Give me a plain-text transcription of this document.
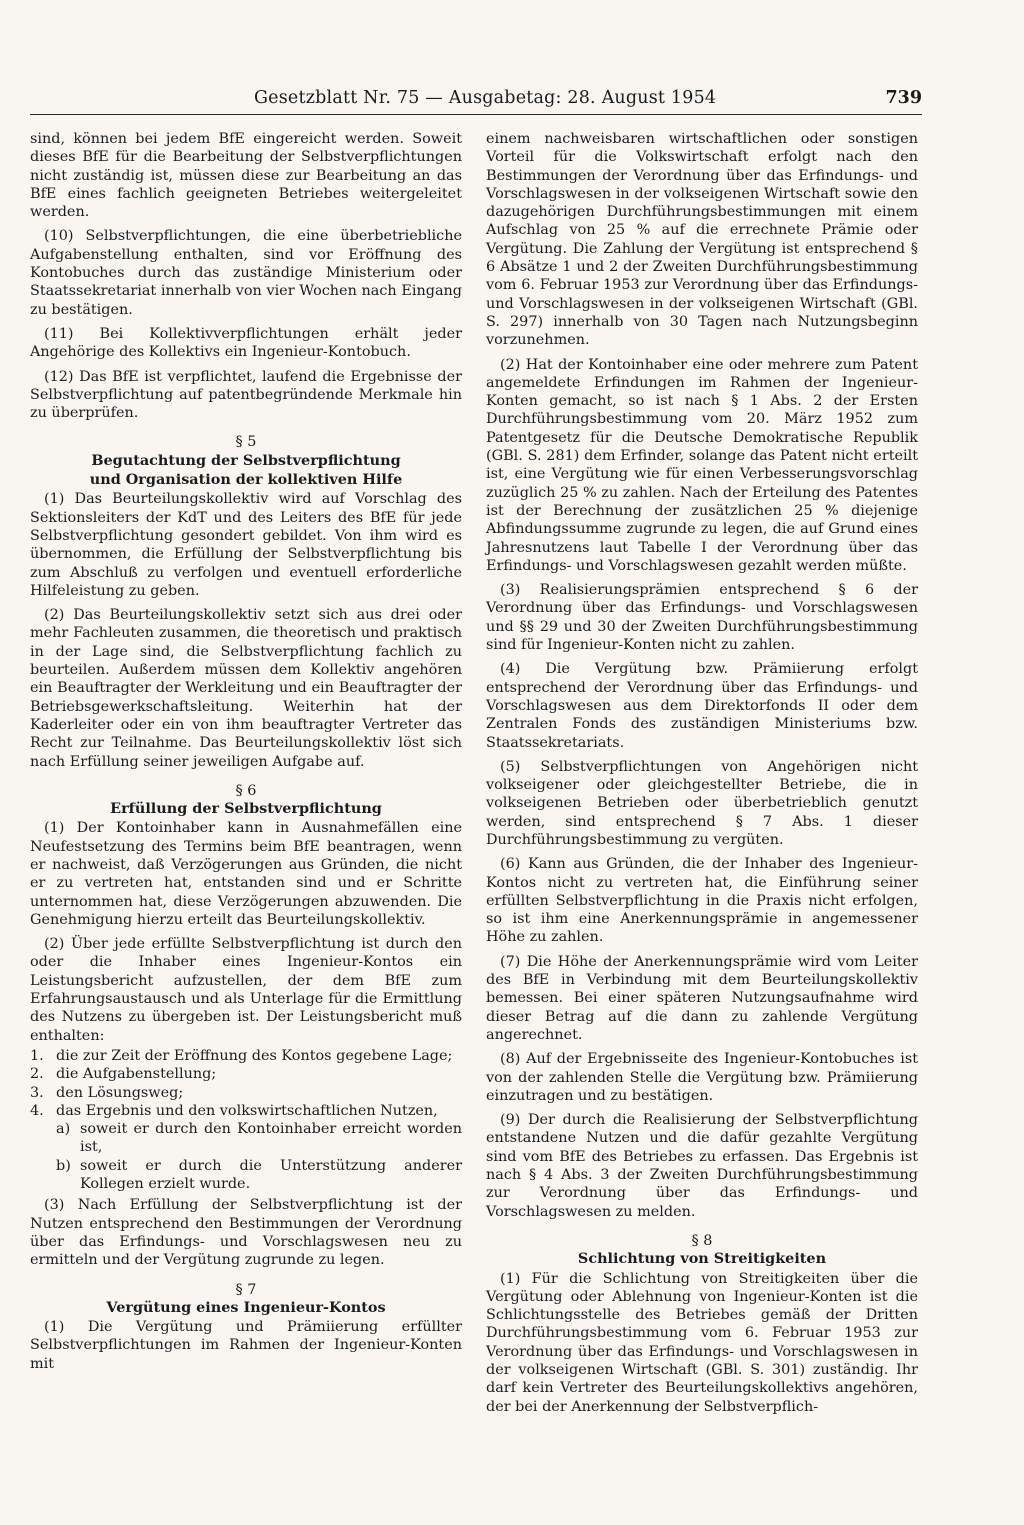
Gesetzblatt Nr. 75 — Ausgabetag: 28. August 1954	739

sind, können bei jedem BfE eingereicht werden. Soweit dieses BfE für die Bearbeitung der Selbstverpflichtungen nicht zuständig ist, müssen diese zur Bearbeitung an das BfE eines fachlich geeigneten Betriebes weitergeleitet werden.

(10) Selbstverpflichtungen, die eine überbetriebliche Aufgabenstellung enthalten, sind vor Eröffnung des Kontobuches durch das zuständige Ministerium oder Staatssekretariat innerhalb von vier Wochen nach Eingang zu bestätigen.

(11) Bei Kollektivverpflichtungen erhält jeder Angehörige des Kollektivs ein Ingenieur-Kontobuch.

(12) Das BfE ist verpflichtet, laufend die Ergebnisse der Selbstverpflichtung auf patentbegründende Merkmale hin zu überprüfen.

§ 5
Begutachtung der Selbstverpflichtung
und Organisation der kollektiven Hilfe

(1) Das Beurteilungskollektiv wird auf Vorschlag des Sektionsleiters der KdT und des Leiters des BfE für jede Selbstverpflichtung gesondert gebildet. Von ihm wird es übernommen, die Erfüllung der Selbstverpflichtung bis zum Abschluß zu verfolgen und eventuell erforderliche Hilfeleistung zu geben.

(2) Das Beurteilungskollektiv setzt sich aus drei oder mehr Fachleuten zusammen, die theoretisch und praktisch in der Lage sind, die Selbstverpflichtung fachlich zu beurteilen. Außerdem müssen dem Kollektiv angehören ein Beauftragter der Werkleitung und ein Beauftragter der Betriebsgewerkschaftsleitung. Weiterhin hat der Kaderleiter oder ein von ihm beauftragter Vertreter das Recht zur Teilnahme. Das Beurteilungskollektiv löst sich nach Erfüllung seiner jeweiligen Aufgabe auf.

§ 6
Erfüllung der Selbstverpflichtung

(1) Der Kontoinhaber kann in Ausnahmefällen eine Neufestsetzung des Termins beim BfE beantragen, wenn er nachweist, daß Verzögerungen aus Gründen, die nicht er zu vertreten hat, entstanden sind und er Schritte unternommen hat, diese Verzögerungen abzuwenden. Die Genehmigung hierzu erteilt das Beurteilungskollektiv.

(2) Über jede erfüllte Selbstverpflichtung ist durch den oder die Inhaber eines Ingenieur-Kontos ein Leistungsbericht aufzustellen, der dem BfE zum Erfahrungsaustausch und als Unterlage für die Ermittlung des Nutzens zu übergeben ist. Der Leistungsbericht muß enthalten:

1. die zur Zeit der Eröffnung des Kontos gegebene Lage;
2. die Aufgabenstellung;
3. den Lösungsweg;
4. das Ergebnis und den volkswirtschaftlichen Nutzen,
a) soweit er durch den Kontoinhaber erreicht worden ist,
b) soweit er durch die Unterstützung anderer Kollegen erzielt wurde.

(3) Nach Erfüllung der Selbstverpflichtung ist der Nutzen entsprechend den Bestimmungen der Verordnung über das Erfindungs- und Vorschlagswesen neu zu ermitteln und der Vergütung zugrunde zu legen.

§ 7
Vergütung eines Ingenieur-Kontos

(1) Die Vergütung und Prämiierung erfüllter Selbstverpflichtungen im Rahmen der Ingenieur-Konten mit

einem nachweisbaren wirtschaftlichen oder sonstigen Vorteil für die Volkswirtschaft erfolgt nach den Bestimmungen der Verordnung über das Erfindungs- und Vorschlagswesen in der volkseigenen Wirtschaft sowie den dazugehörigen Durchführungsbestimmungen mit einem Aufschlag von 25 % auf die errechnete Prämie oder Vergütung. Die Zahlung der Vergütung ist entsprechend § 6 Absätze 1 und 2 der Zweiten Durchführungsbestimmung vom 6. Februar 1953 zur Verordnung über das Erfindungs- und Vorschlagswesen in der volkseigenen Wirtschaft (GBl. S. 297) innerhalb von 30 Tagen nach Nutzungsbeginn vorzunehmen.

(2) Hat der Kontoinhaber eine oder mehrere zum Patent angemeldete Erfindungen im Rahmen der Ingenieur-Konten gemacht, so ist nach § 1 Abs. 2 der Ersten Durchführungsbestimmung vom 20. März 1952 zum Patentgesetz für die Deutsche Demokratische Republik (GBl. S. 281) dem Erfinder, solange das Patent nicht erteilt ist, eine Vergütung wie für einen Verbesserungsvorschlag zuzüglich 25 % zu zahlen. Nach der Erteilung des Patentes ist der Berechnung der zusätzlichen 25 % diejenige Abfindungssumme zugrunde zu legen, die auf Grund eines Jahresnutzens laut Tabelle I der Verordnung über das Erfindungs- und Vorschlagswesen gezahlt werden müßte.

(3) Realisierungsprämien entsprechend § 6 der Verordnung über das Erfindungs- und Vorschlagswesen und §§ 29 und 30 der Zweiten Durchführungsbestimmung sind für Ingenieur-Konten nicht zu zahlen.

(4) Die Vergütung bzw. Prämiierung erfolgt entsprechend der Verordnung über das Erfindungs- und Vorschlagswesen aus dem Direktorfonds II oder dem Zentralen Fonds des zuständigen Ministeriums bzw. Staatssekretariats.

(5) Selbstverpflichtungen von Angehörigen nicht volkseigener oder gleichgestellter Betriebe, die in volkseigenen Betrieben oder überbetrieblich genutzt werden, sind entsprechend § 7 Abs. 1 dieser Durchführungsbestimmung zu vergüten.

(6) Kann aus Gründen, die der Inhaber des Ingenieur-Kontos nicht zu vertreten hat, die Einführung seiner erfüllten Selbstverpflichtung in die Praxis nicht erfolgen, so ist ihm eine Anerkennungsprämie in angemessener Höhe zu zahlen.

(7) Die Höhe der Anerkennungsprämie wird vom Leiter des BfE in Verbindung mit dem Beurteilungskollektiv bemessen. Bei einer späteren Nutzungsaufnahme wird dieser Betrag auf die dann zu zahlende Vergütung angerechnet.

(8) Auf der Ergebnisseite des Ingenieur-Kontobuches ist von der zahlenden Stelle die Vergütung bzw. Prämiierung einzutragen und zu bestätigen.

(9) Der durch die Realisierung der Selbstverpflichtung entstandene Nutzen und die dafür gezahlte Vergütung sind vom BfE des Betriebes zu erfassen. Das Ergebnis ist nach § 4 Abs. 3 der Zweiten Durchführungsbestimmung zur Verordnung über das Erfindungs- und Vorschlagswesen zu melden.

§ 8
Schlichtung von Streitigkeiten

(1) Für die Schlichtung von Streitigkeiten über die Vergütung oder Ablehnung von Ingenieur-Konten ist die Schlichtungsstelle des Betriebes gemäß der Dritten Durchführungsbestimmung vom 6. Februar 1953 zur Verordnung über das Erfindungs- und Vorschlagswesen in der volkseigenen Wirtschaft (GBl. S. 301) zuständig. Ihr darf kein Vertreter des Beurteilungskollektivs angehören, der bei der Anerkennung der Selbstverpflich-
